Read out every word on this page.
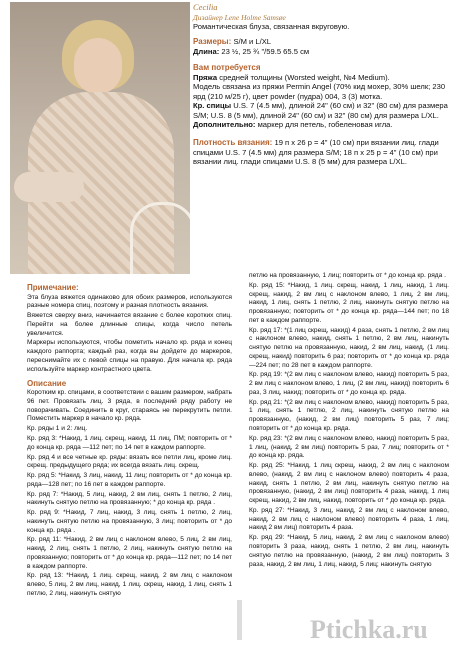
Cecilia
Дизайнер Lene Holme Samsøe
Романтическая блуза, связанная вкруговую.
Размеры: S/M и L/XL
Длина: 23 ½, 25 ¾ "/59.5 65.5 см
Вам потребуется
Пряжа средней толщины (Worsted weight, №4 Medium).
Модель связана из пряжи Permin Angel (70% кид мохер, 30% шелк; 230 ярд (210 м/25 г), цвет powder (пудра) 004, 3 (3) мотка.
Кр. спицы U.S. 7 (4.5 мм), длиной 24" (60 см) и 32" (80 см) для размера S/M; U.S. 8 (5 мм), длиной 24" (60 см) и 32" (80 см) для размера L/XL.
Дополнительно: маркер для петель, гобеленовая игла.
Плотность вязания: 19 п х 26 р = 4" (10 см) при вязании лиц. глади спицами U.S. 7 (4.5 мм) для размера S/M; 18 п х 25 р = 4" (10 см) при вязании лиц. глади спицами U.S. 8 (5 мм) для размера L/XL.
Примечание:

Эта блуза вяжется одинаково для обоих размеров, используются разные номера спиц, поэтому и разная плотность вязания.

Вяжется сверху вниз, начинается вязание с более коротких спиц. Перейти на более длинные спицы, когда число петель увеличится.

Маркеры используются, чтобы пометить начало кр. ряда и конец каждого раппорта; каждый раз, когда вы дойдете до маркеров, переснимайте их с левой спицы на правую. Для начала кр. ряда используйте маркер контрастного цвета.

Описание

Коротким кр. спицами, в соответствии с вашим размером, набрать 96 пет. Провязать лиц. 3 ряда, в последний ряду работу не поворачивать. Соединить в круг, стараясь не перекрутить петли. Поместить маркер в начало кр. ряда.

Кр. ряды 1 и 2: лиц.

Кр. ряд 3: *Накид, 1 лиц. скрещ, накид, 11 лиц, ПМ; повторить от * до конца кр. ряда —112 пет; по 14 пет в каждом раппорте.

Кр. ряд 4 и все четные кр. ряды: вязать все петли лиц, кроме лиц. скрещ. предыдущего ряда; их всегда вязать лиц. скрещ.

Кр. ряд 5: *Накид, 3 лиц, накид, 11 лиц; повторить от * до конца кр. ряда—128 пет; по 16 пет в каждом раппорте.

Кр. ряд 7: *Накид, 5 лиц, накид, 2 вм лиц, снять 1 петлю, 2 лиц, накинуть снятую петлю на провязанную; * до конца кр. ряда .

Кр. ряд 9: *Накид, 7 лиц, накид, 3 лиц, снять 1 петлю, 2 лиц, накинуть снятую петлю на провязанную, 3 лиц; повторить от * до конца кр. ряда .

Кр. ряд 11: *Накид, 2 вм лиц с наклоном влево, 5 лиц, 2 вм лиц, накид, 2 лиц, снять 1 петлю, 2 лиц, накинуть снятую петлю на провязанную; повторить от * до конца кр. ряда—112 пет; по 14 пет в каждом раппорте.

Кр. ряд 13: *Накид, 1 лиц. скрещ, накид, 2 вм лиц с наклоном влево, 5 лиц, 2 вм лиц, накид, 1 лиц. скрещ, накид, 1 лиц, снять 1 петлю, 2 лиц, накинуть снятую

петлю на провязанную, 1 лиц; повторить от * до конца кр. ряда .

Кр. ряд 15: *Накид, 1 лиц. скрещ, накид, 1 лиц, накид, 1 лиц. скрещ, накид, 2 вм лиц с наклоном влево, 1 лиц, 2 вм лиц, накид, 1 лиц, снять 1 петлю, 2 лиц, накинуть снятую петлю на провязанную; повторить от * до конца кр. ряда—144 пет; по 18 пет в каждом раппорте.

Кр. ряд 17: *(1 лиц скрещ, накид) 4 раза, снять 1 петлю, 2 вм лиц с наклоном влево, накид, снять 1 петлю, 2 вм лиц, накинуть снятую петлю на провязанную, накид, 2 вм лиц, накид, (1 лиц. скрещ, накид) повторить 6 раз; повторить от * до конца кр. ряда—224 пет; по 28 пет в каждом раппорте.

Кр. ряд 19: *(2 вм лиц с наклоном влево, накид) повторить 5 раз, 2 вм лиц с наклоном влево, 1 лиц, (2 вм лиц, накид) повторить 6 раз, 3 лиц, накид; повторить от * до конца кр. ряда.

Кр. ряд 21: *(2 вм лиц с наклоном влево, накид) повторить 5 раз, 1 лиц, снять 1 петлю, 2 лиц, накинуть снятую петлю на провязанную, (накид, 2 вм лиц) повторить 5 раз, 7 лиц; повторить от * до конца кр. ряда.

Кр. ряд 23: *(2 вм лиц с наклоном влево, накид) повторить 5 раз, 1 лиц, (накид, 2 вм лиц) повторить 5 раз, 7 лиц; повторить от * до конца кр. ряда.

Кр. ряд 25: *Накид, 1 лиц скрещ, накид, 2 вм лиц с наклоном влево, (накид, 2 вм лиц с наклоном влево) повторить 4 раза, накид, снять 1 петлю, 2 вм лиц, накинуть снятую петлю на провязанную, (накид, 2 вм лиц) повторить 4 раза, накид, 1 лиц скрещ, накид, 2 вм лиц, накид, повторить от * до конца кр. ряда.

Кр. ряд 27: *Накид, 3 лиц, накид, 2 вм лиц с наклоном влево, накид, 2 вм лиц с наклоном влево) повторить 4 раза, 1 лиц, накид 2 вм лиц) повторить 4 раза.

Кр. ряд 29: *Накид, 5 лиц, накид, 2 вм лиц с наклоном влево) повторить 3 раза, накид, снять 1 петлю, 2 вм лиц, накинуть снятую петлю на провязанную, (накид, 2 вм лиц) повторить 3 раза, накид, 2 вм лиц, 1 лиц, накид, 5 лиц; накинуть снятую

Ptichka.ru
